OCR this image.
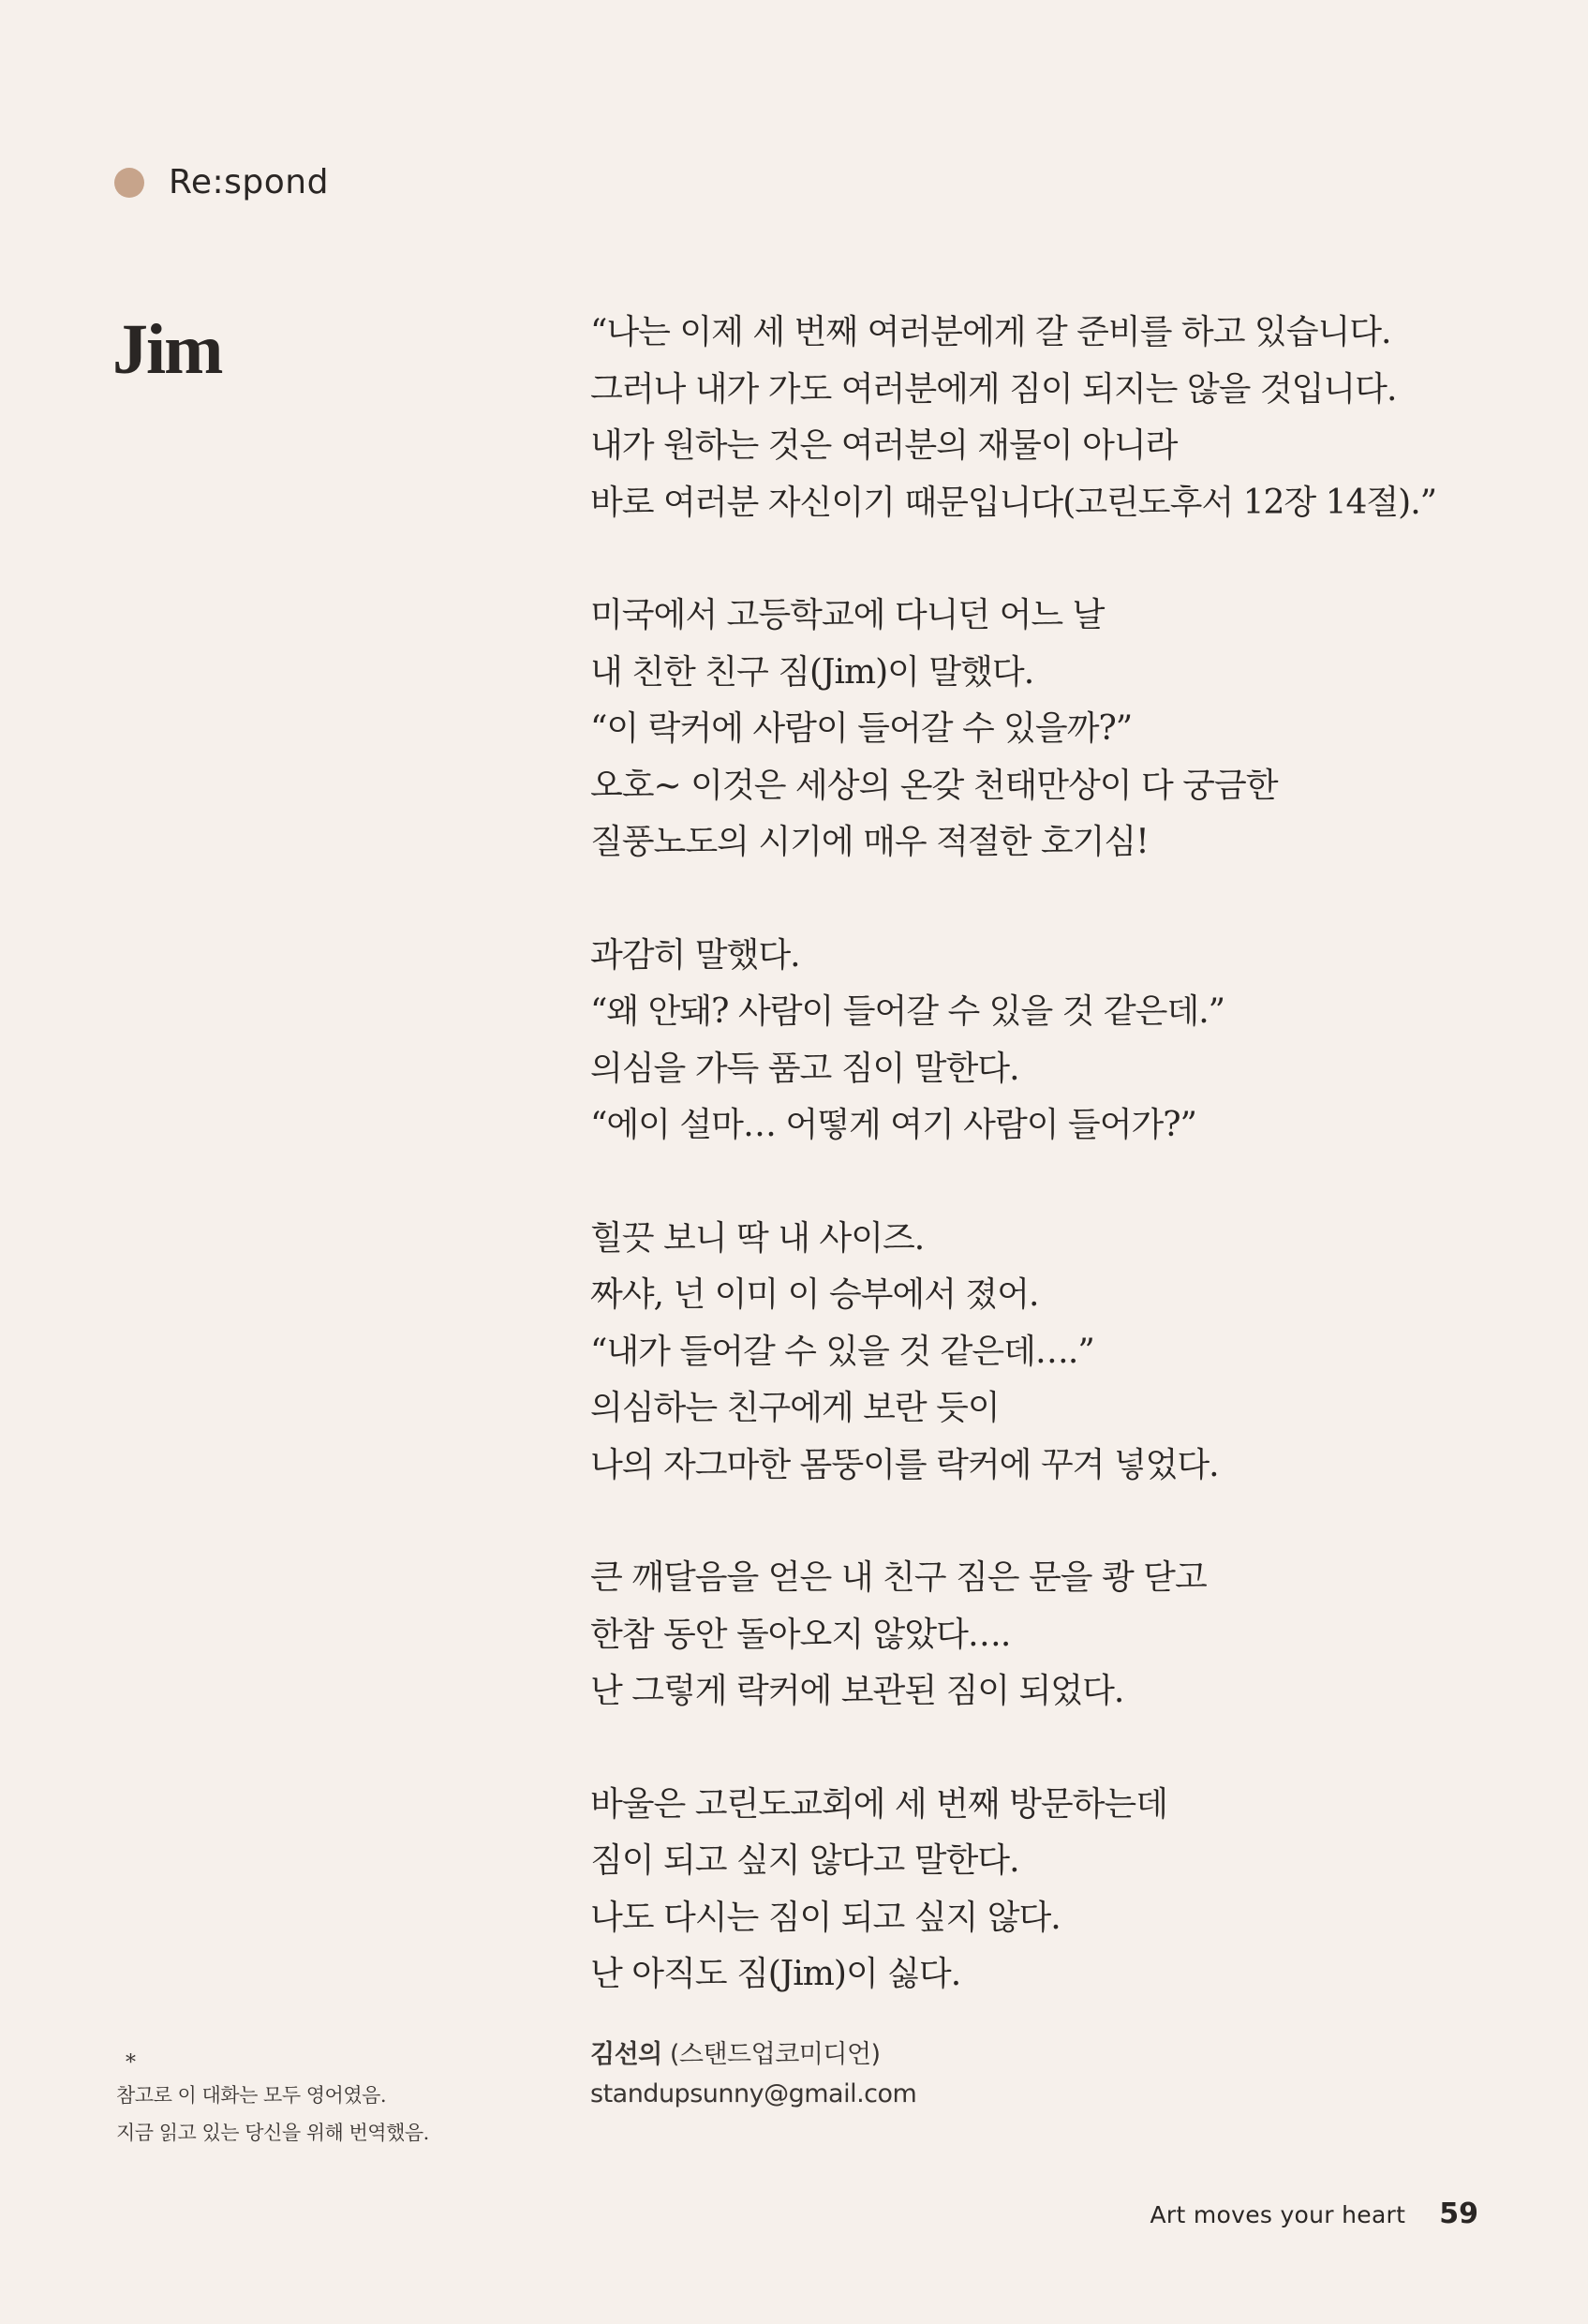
Re:spond
Jim	“나는 이제 세 번째 여러분에게 갈 준비를 하고 있습니다.

그러나 내가 가도 여러분에게 짐이 되지는 않을 것입니다.

내가 원하는 것은 여러분의 재물이 아니라

바로 여러분 자신이기 때문입니다(고린도후서 12장 14절).”

미국에서 고등학교에 다니던 어느 날

내 친한 친구 짐(Jim)이 말했다.

“이 락커에 사람이 들어갈 수 있을까?”

오호~ 이것은 세상의 온갖 천태만상이 다 궁금한

질풍노도의 시기에 매우 적절한 호기심!

과감히 말했다.

“왜 안돼? 사람이 들어갈 수 있을 것 같은데.”

의심을 가득 품고 짐이 말한다.

“에이 설마… 어떻게 여기 사람이 들어가?”

힐끗 보니 딱 내 사이즈.

짜샤, 넌 이미 이 승부에서 졌어.

“내가 들어갈 수 있을 것 같은데….”

의심하는 친구에게 보란 듯이

나의 자그마한 몸뚱이를 락커에 꾸겨 넣었다.

큰 깨달음을 얻은 내 친구 짐은 문을 쾅 닫고

한참 동안 돌아오지 않았다….

난 그렇게 락커에 보관된 짐이 되었다.

바울은 고린도교회에 세 번째 방문하는데

짐이 되고 싶지 않다고 말한다.

나도 다시는 짐이 되고 싶지 않다.

난 아직도 짐(Jim)이 싫다.

김선의 (스탠드업코미디언)
standupsunny@gmail.com
*
참고로 이 대화는 모두 영어였음.
지금 읽고 있는 당신을 위해 번역했음.
Art moves your heart 59
